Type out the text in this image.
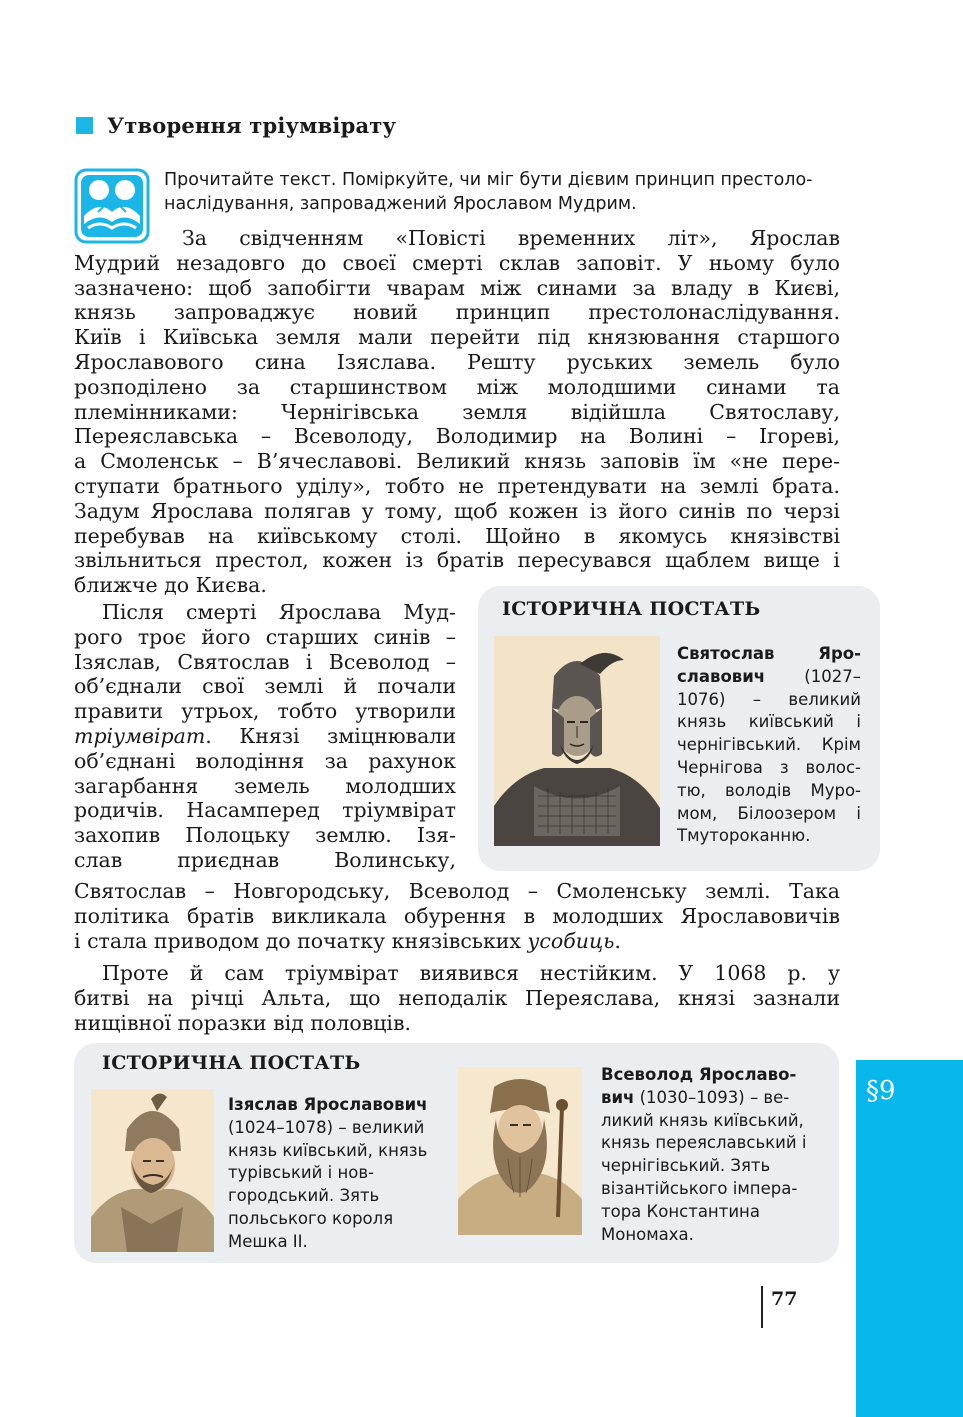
Утворення тріумвірату
Прочитайте текст. Поміркуйте, чи міг бути дієвим принцип престоло-
наслідування, запроваджений Ярославом Мудрим.
За свідченням «Повісті временних літ», Ярослав
Мудрий незадовго до своєї смерті склав заповіт. У ньому було
зазначено: щоб запобігти чварам між синами за владу в Києві,
князь запроваджує новий принцип престолонаслідування.
Київ і Київська земля мали перейти під князювання старшого
Ярославового сина Ізяслава. Решту руських земель було
розподілено за старшинством між молодшими синами та
племінниками: Чернігівська земля відійшла Святославу,
Переяславська – Всеволоду, Володимир на Волині – Ігореві,
а Смоленськ – В’ячеславові. Великий князь заповів їм «не пере-
ступати братнього уділу», тобто не претендувати на землі брата.
Задум Ярослава полягав у тому, щоб кожен із його синів по черзі
перебував на київському столі. Щойно в якомусь князівстві
звільниться престол, кожен із братів пересувався щаблем вище і
ближче до Києва.
Після смерті Ярослава Муд-
рого троє його старших синів –
Ізяслав, Святослав і Всеволод –
об’єднали свої землі й почали
правити утрьох, тобто утворили
тріумвірат. Князі зміцнювали
об’єднані володіння за рахунок
загарбання земель молодших
родичів. Насамперед тріумвірат
захопив Полоцьку землю. Ізя-
слав приєднав Волинську,
Святослав – Новгородську, Всеволод – Смоленську землі. Така
політика братів викликала обурення в молодших Ярославовичів
і стала приводом до початку князівських усобиць.
Проте й сам тріумвірат виявився нестійким. У 1068 р. у
битві на річці Альта, що неподалік Переяслава, князі зазнали
нищівної поразки від половців.
ІСТОРИЧНА ПОСТАТЬ
Святослав Яро-
славович (1027–
1076) – великий
князь київський і
чернігівський. Крім
Чернігова з волос-
тю, володів Муро-
мом, Білоозером і
Тмутороканню.
ІСТОРИЧНА ПОСТАТЬ
Ізяслав Ярославович
(1024–1078) – великий
князь київський, князь
турівський і нов-
городський. Зять
польського короля
Мешка II.
Всеволод Ярославо-
вич (1030–1093) – ве-
ликий князь київський,
князь переяславський і
чернігівський. Зять
візантійського імпера-
тора Константина
Мономаха.
§9
77
